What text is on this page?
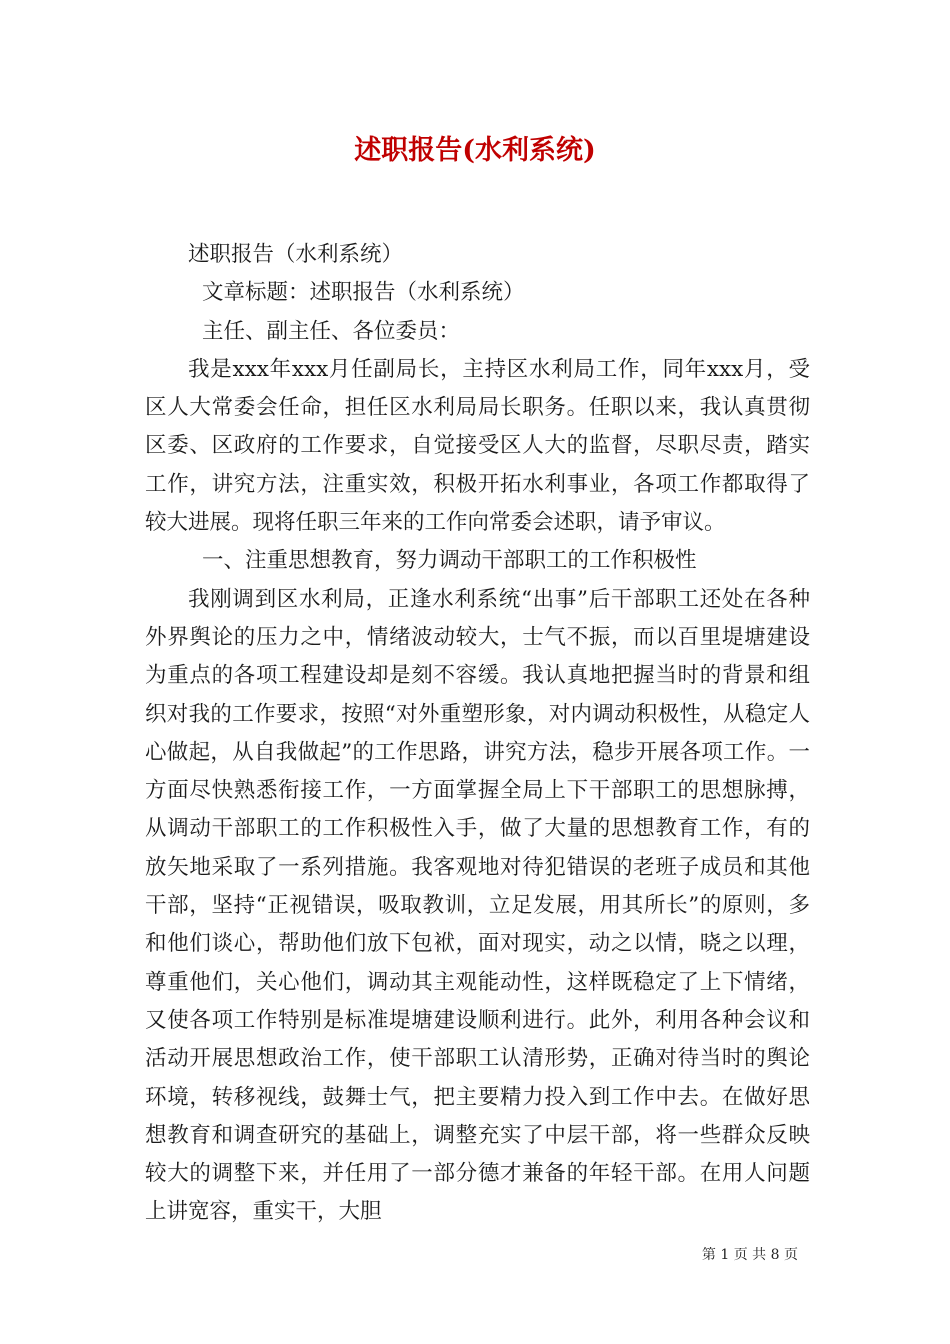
述职报告(水利系统)

述职报告（水利系统）

文章标题：述职报告（水利系统）

主任、副主任、各位委员：

我是xxx年xxx月任副局长，主持区水利局工作，同年xxx月，受区人大常委会任命，担任区水利局局长职务。任职以来，我认真贯彻区委、区政府的工作要求，自觉接受区人大的监督，尽职尽责，踏实工作，讲究方法，注重实效，积极开拓水利事业，各项工作都取得了较大进展。现将任职三年来的工作向常委会述职，请予审议。

一、注重思想教育，努力调动干部职工的工作积极性

我刚调到区水利局，正逢水利系统“出事”后干部职工还处在各种外界舆论的压力之中，情绪波动较大，士气不振，而以百里堤塘建设为重点的各项工程建设却是刻不容缓。我认真地把握当时的背景和组织对我的工作要求，按照“对外重塑形象，对内调动积极性，从稳定人心做起，从自我做起”的工作思路，讲究方法，稳步开展各项工作。一方面尽快熟悉衔接工作，一方面掌握全局上下干部职工的思想脉搏，从调动干部职工的工作积极性入手，做了大量的思想教育工作，有的放矢地采取了一系列措施。我客观地对待犯错误的老班子成员和其他干部，坚持“正视错误，吸取教训，立足发展，用其所长”的原则，多和他们谈心，帮助他们放下包袱，面对现实，动之以情，晓之以理，尊重他们，关心他们，调动其主观能动性，这样既稳定了上下情绪，又使各项工作特别是标准堤塘建设顺利进行。此外，利用各种会议和活动开展思想政治工作，使干部职工认清形势，正确对待当时的舆论环境，转移视线，鼓舞士气，把主要精力投入到工作中去。在做好思想教育和调查研究的基础上，调整充实了中层干部，将一些群众反映较大的调整下来，并任用了一部分德才兼备的年轻干部。在用人问题上讲宽容，重实干，大胆

第 1 页 共 8 页
